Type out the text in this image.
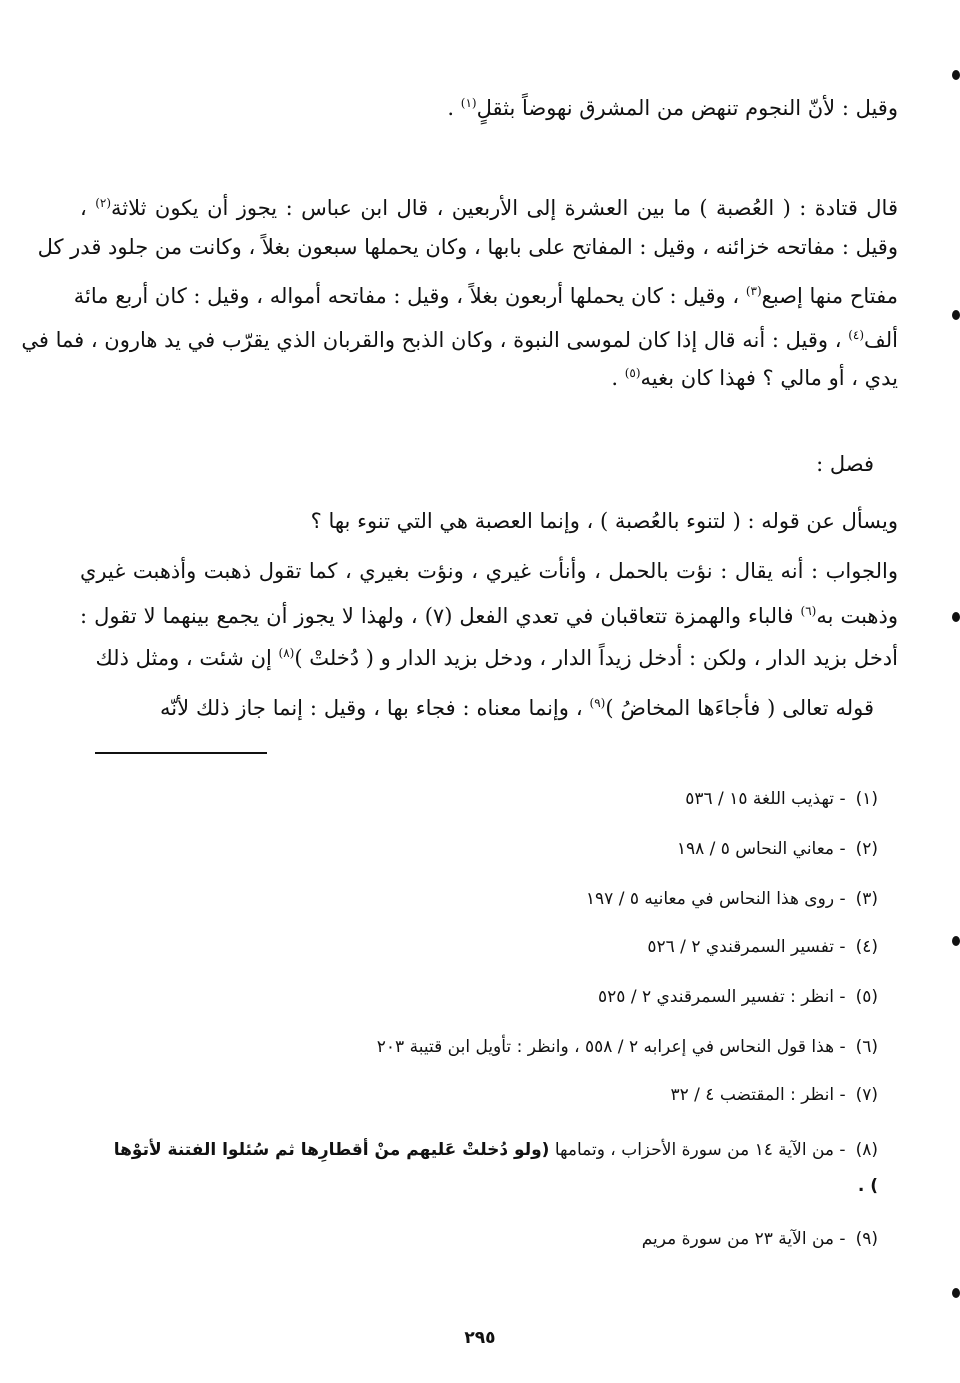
وقيل : لأنّ النجوم تنهض من المشرق نهوضاً بثقلٍ$^{(١)}$ .
قال قتادة : ( العُصبة ) ما بين العشرة إلى الأربعين ، قال ابن عباس : يجوز أن يكون ثلاثة$^{(٢)}$ ،
وقيل : مفاتحه خزائنه ، وقيل : المفاتح على بابها ، وكان يحملها سبعون بغلاً ، وكانت من جلود قدر كل
مفتاح منها إصبع$^{(٣)}$ ، وقيل : كان يحملها أربعون بغلاً ، وقيل : مفاتحه أمواله ، وقيل : كان أربع مائة
ألف$^{(٤)}$ ، وقيل : أنه قال إذا كان لموسى النبوة ، وكان الذبح والقربان الذي يقرّب في يد هارون ، فما في
يدي ، أو مالي ؟ فهذا كان بغيه$^{(٥)}$ .
فصل :
ويسأل عن قوله : ( لتنوء بالعُصبة ) ، وإنما العصبة هي التي تنوء بها ؟
والجواب : أنه يقال : نؤت بالحمل ، وأنأت غيري ، ونؤت بغيري ، كما تقول ذهبت وأذهبت غيري
وذهبت به$^{(٦)}$ فالباء والهمزة تتعاقبان في تعدي الفعل (٧) ، ولهذا لا يجوز أن يجمع بينهما لا تقول :
أدخل بزيد الدار ، ولكن : أدخل زيداً الدار ، ودخل بزيد الدار و ( دُخلتْ )$^{(٨)}$ إن شئت ، ومثل ذلك
قوله تعالى ( فأجاءَها المخاضُ )$^{(٩)}$ ، وإنما معناه : فجاء بها ، وقيل : إنما جاز ذلك لأنّه
(١)- تهذيب اللغة ١٥ / ٥٣٦
(٢)- معاني النحاس ٥ / ١٩٨
(٣)- روى هذا النحاس في معانيه ٥ / ١٩٧
(٤)- تفسير السمرقندي ٢ / ٥٢٦
(٥)- انظر : تفسير السمرقندي ٢ / ٥٢٥
(٦)- هذا قول النحاس في إعرابه ٢ / ٥٥٨ ، وانظر : تأويل ابن قتيبة ٢٠٣
(٧)- انظر : المقتضب ٤ / ٣٢
(٨)- من الآية ١٤ من سورة الأحزاب ، وتمامها (ولو دُخلتْ عَليهم منْ أقطارِها ثم سُئلوا الفتنة لأتوْها ) .
(٩)- من الآية ٢٣ من سورة مريم
٢٩٥
